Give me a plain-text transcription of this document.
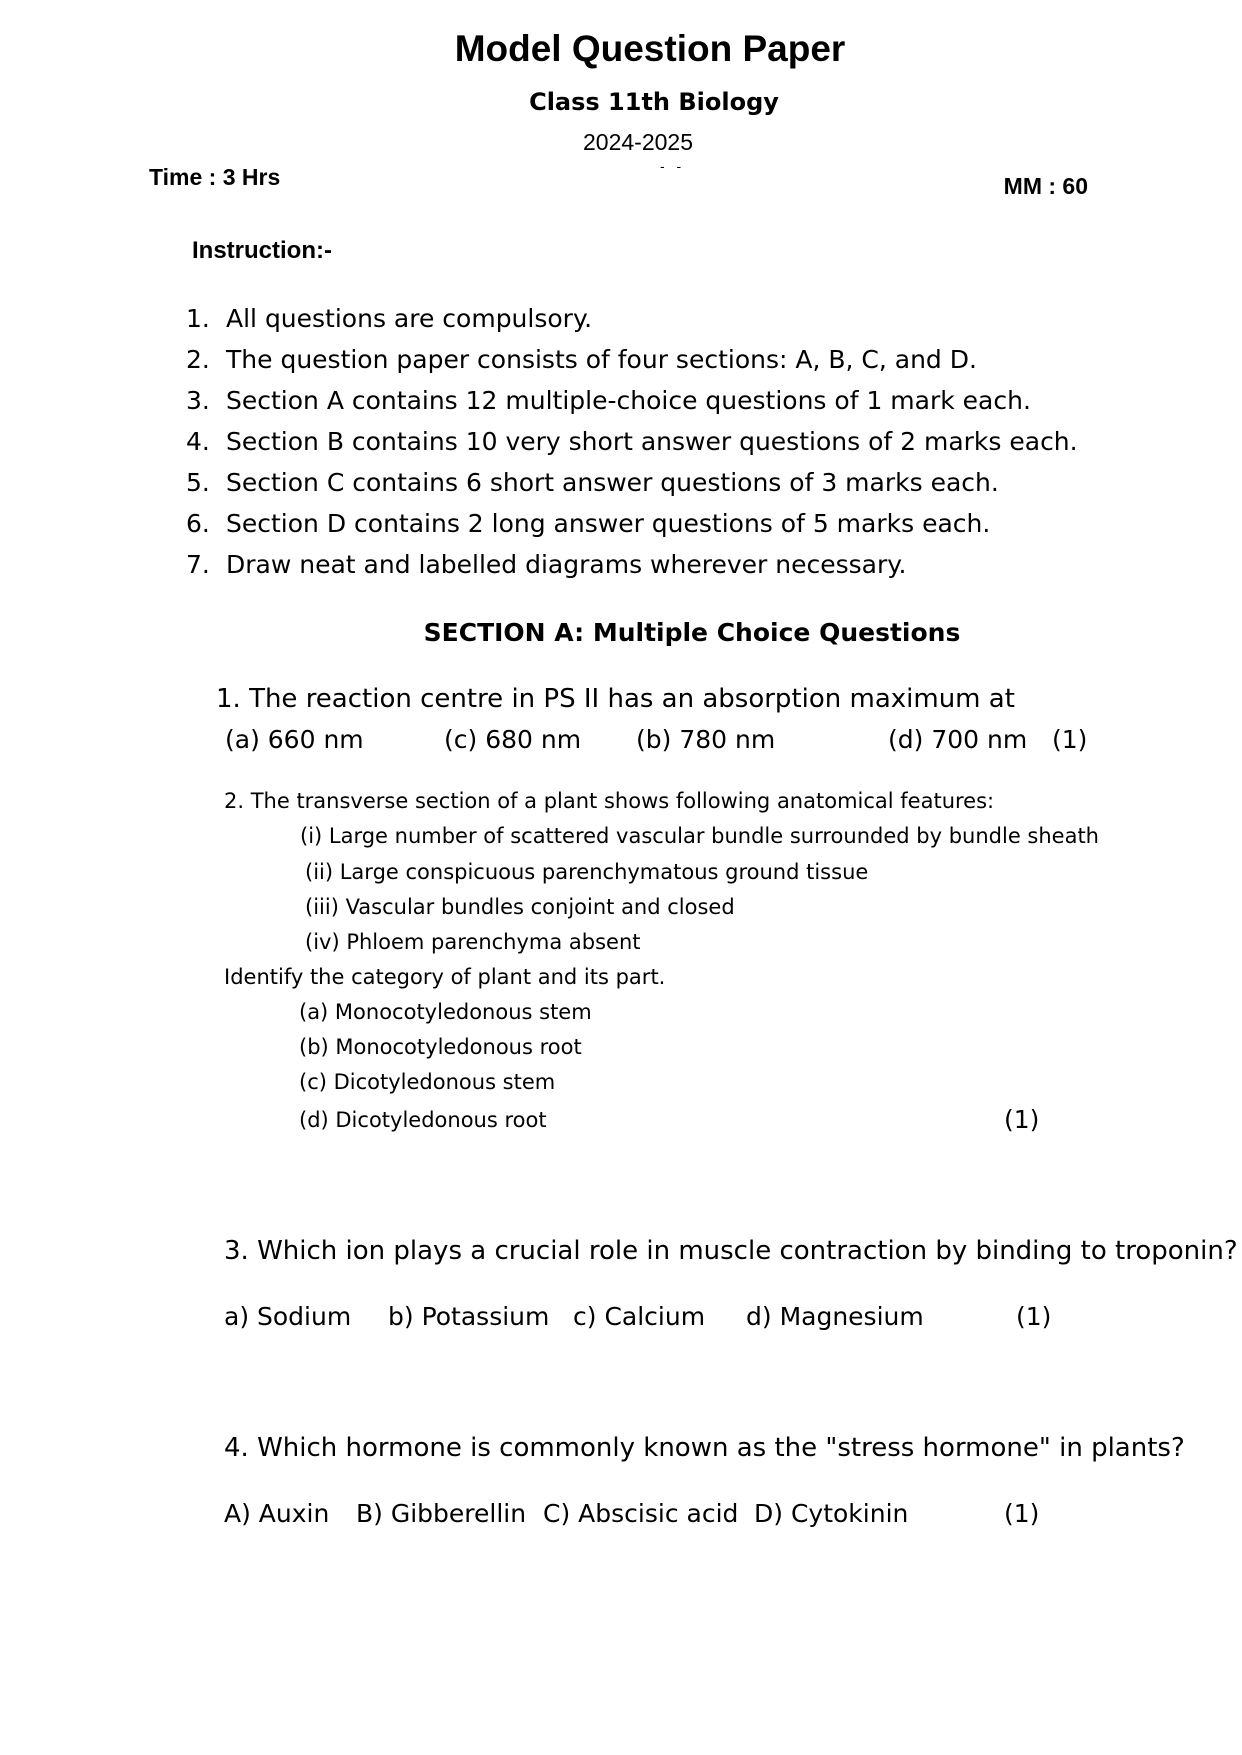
Model Question Paper
Class 11th Biology
2024-2025
- -
Time : 3 Hrs	MM : 60
Instruction:-
1. All questions are compulsory.
2. The question paper consists of four sections: A, B, C, and D.
3. Section A contains 12 multiple-choice questions of 1 mark each.
4. Section B contains 10 very short answer questions of 2 marks each.
5. Section C contains 6 short answer questions of 3 marks each.
6. Section D contains 2 long answer questions of 5 marks each.
7. Draw neat and labelled diagrams wherever necessary.
SECTION A: Multiple Choice Questions
1. The reaction centre in PS II has an absorption maximum at
(a) 660 nm	(c) 680 nm (b) 780 nm	(d) 700 nm (1)
2. The transverse section of a plant shows following anatomical features:
(i) Large number of scattered vascular bundle surrounded by bundle sheath
(ii) Large conspicuous parenchymatous ground tissue
(iii) Vascular bundles conjoint and closed
(iv) Phloem parenchyma absent
Identify the category of plant and its part.
(a) Monocotyledonous stem
(b) Monocotyledonous root
(c) Dicotyledonous stem
(d) Dicotyledonous root	(1)
3. Which ion plays a crucial role in muscle contraction by binding to troponin?
a) Sodium b) Potassium c) Calcium d) Magnesium	(1)
4. Which hormone is commonly known as the "stress hormone" in plants?
A) Auxin B) Gibberellin C) Abscisic acid D) Cytokinin	(1)
